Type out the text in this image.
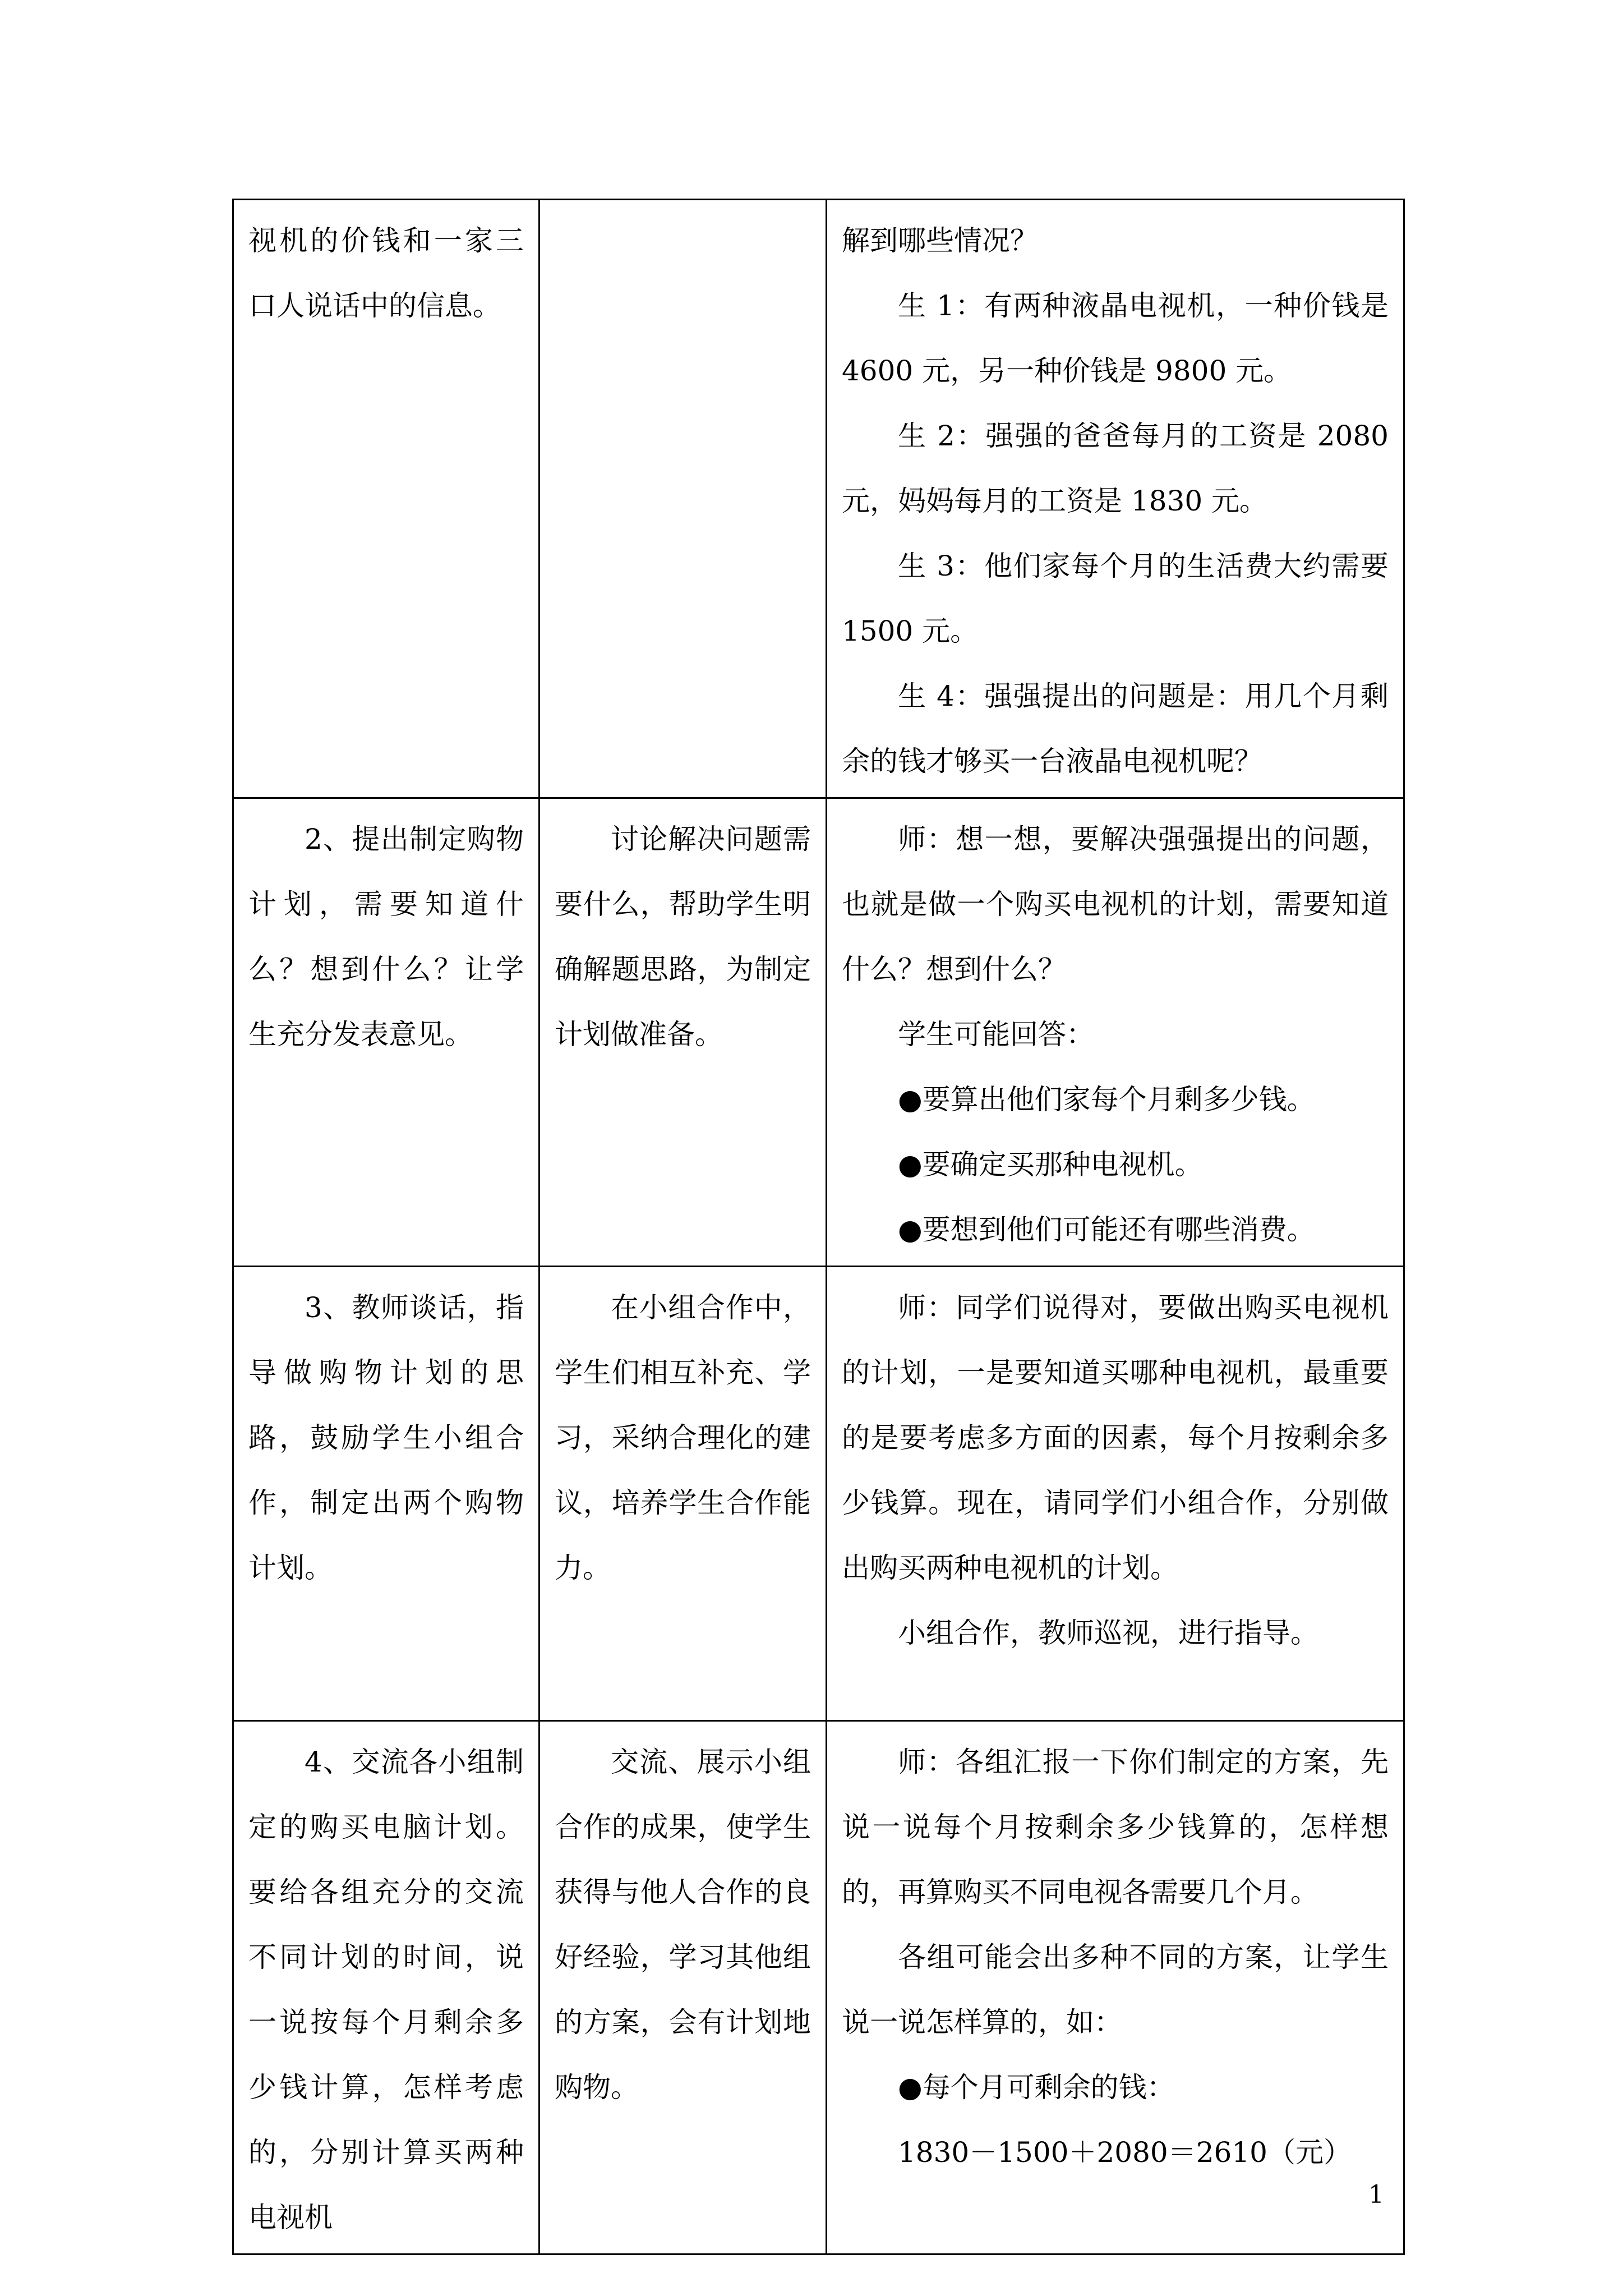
视机的价钱和一家三口人说话中的信息。		解到哪些情况？
生 1：有两种液晶电视机，一种价钱是 4600 元，另一种价钱是 9800 元。
生 2：强强的爸爸每月的工资是 2080 元，妈妈每月的工资是 1830 元。
生 3：他们家每个月的生活费大约需要 1500 元。
生 4：强强提出的问题是：用几个月剩余的钱才够买一台液晶电视机呢？

2、提出制定购物计划，需要知道什么？想到什么？让学生充分发表意见。	讨论解决问题需要什么，帮助学生明确解题思路，为制定计划做准备。	师：想一想，要解决强强提出的问题，也就是做一个购买电视机的计划，需要知道什么？想到什么？
学生可能回答：
●要算出他们家每个月剩多少钱。
●要确定买那种电视机。
●要想到他们可能还有哪些消费。

3、教师谈话，指导做购物计划的思路，鼓励学生小组合作，制定出两个购物计划。	在小组合作中，学生们相互补充、学习，采纳合理化的建议，培养学生合作能力。	师：同学们说得对，要做出购买电视机的计划，一是要知道买哪种电视机，最重要的是要考虑多方面的因素，每个月按剩余多少钱算。现在，请同学们小组合作，分别做出购买两种电视机的计划。
小组合作，教师巡视，进行指导。

4、交流各小组制定的购买电脑计划。要给各组充分的交流不同计划的时间，说一说按每个月剩余多少钱计算，怎样考虑的，分别计算买两种电视机	交流、展示小组合作的成果，使学生获得与他人合作的良好经验，学习其他组的方案，会有计划地购物。	师：各组汇报一下你们制定的方案，先说一说每个月按剩余多少钱算的，怎样想的，再算购买不同电视各需要几个月。
各组可能会出多种不同的方案，让学生说一说怎样算的，如：
●每个月可剩余的钱：
1830－1500＋2080＝2610（元）
1
